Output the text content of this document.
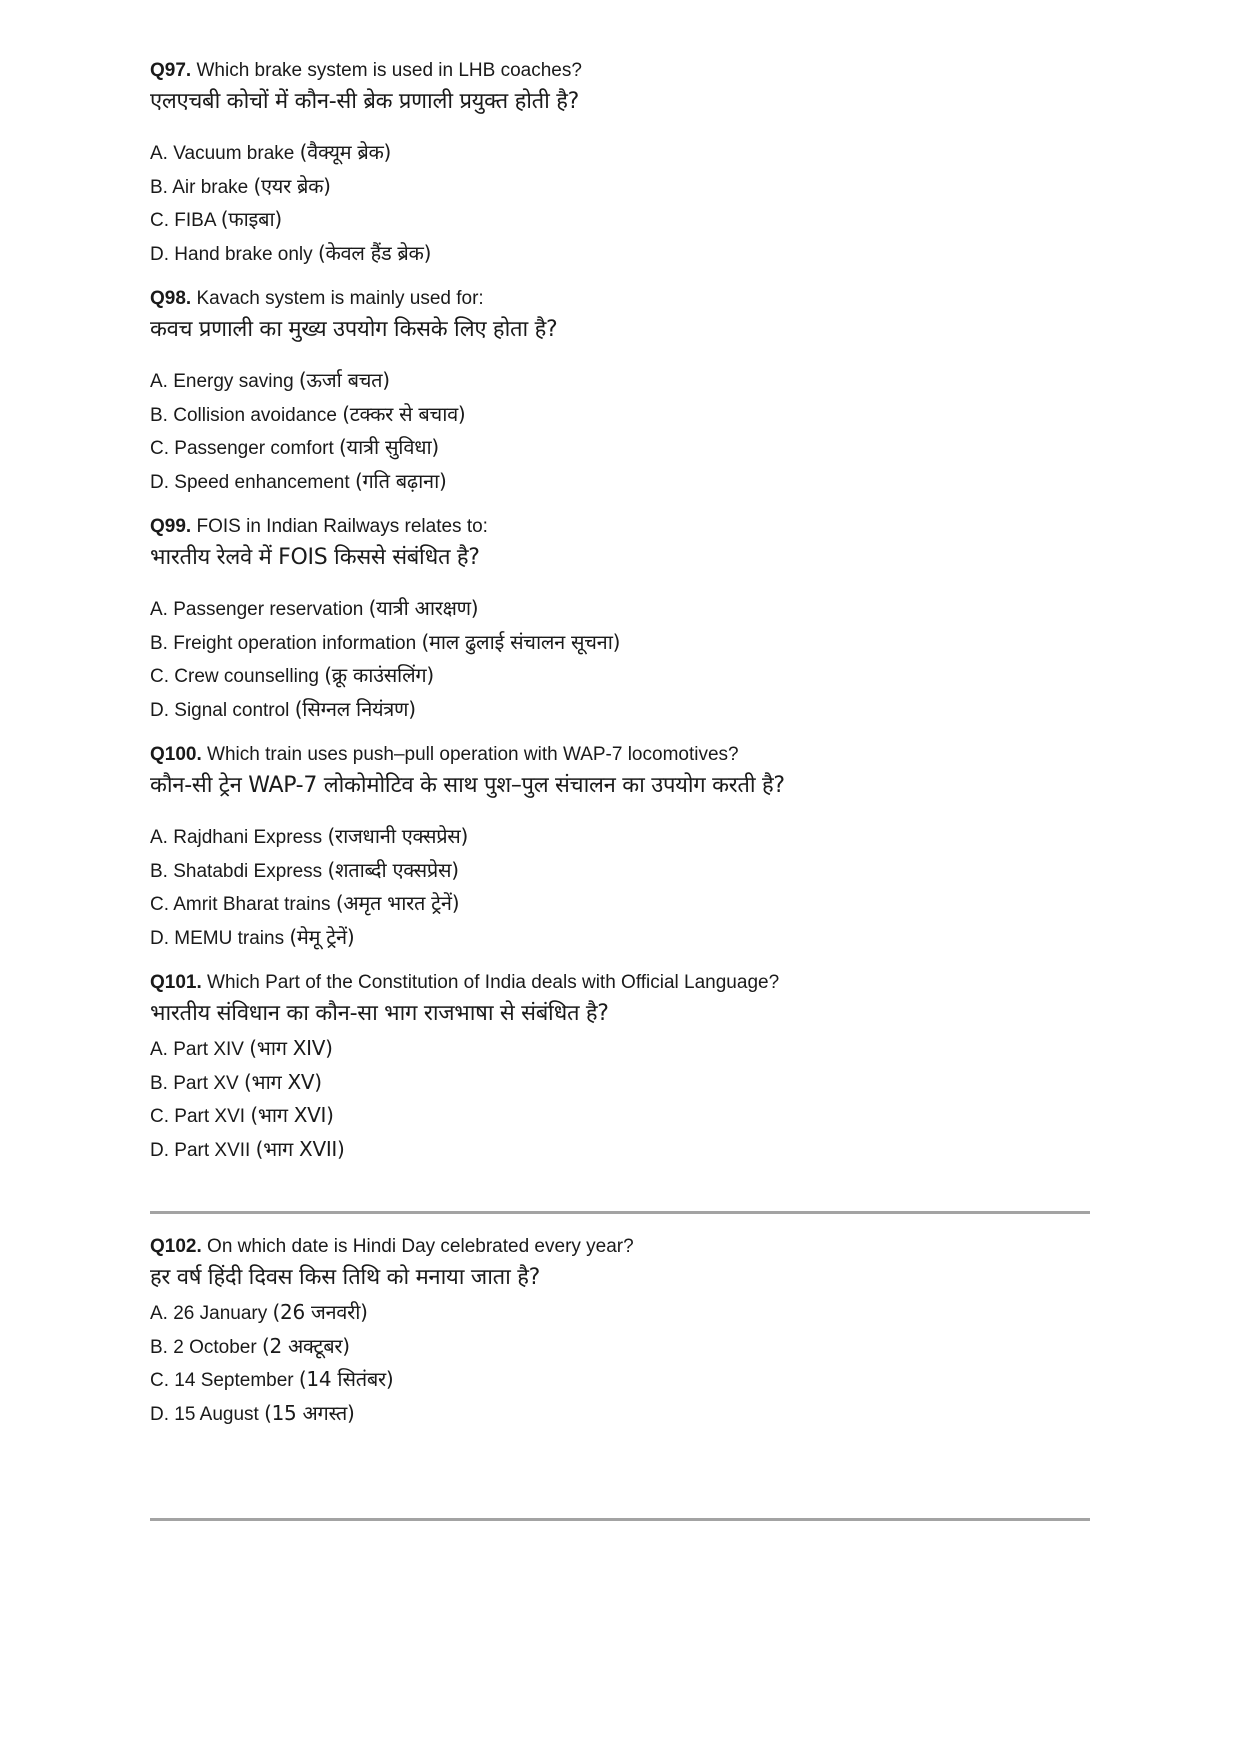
Q97. Which brake system is used in LHB coaches?
एलएचबी कोचों में कौन-सी ब्रेक प्रणाली प्रयुक्त होती है?
A. Vacuum brake (वैक्यूम ब्रेक)
B. Air brake (एयर ब्रेक)
C. FIBA (फाइबा)
D. Hand brake only (केवल हैंड ब्रेक)
Q98. Kavach system is mainly used for:
कवच प्रणाली का मुख्य उपयोग किसके लिए होता है?
A. Energy saving (ऊर्जा बचत)
B. Collision avoidance (टक्कर से बचाव)
C. Passenger comfort (यात्री सुविधा)
D. Speed enhancement (गति बढ़ाना)
Q99. FOIS in Indian Railways relates to:
भारतीय रेलवे में FOIS किससे संबंधित है?
A. Passenger reservation (यात्री आरक्षण)
B. Freight operation information (माल ढुलाई संचालन सूचना)
C. Crew counselling (क्रू काउंसलिंग)
D. Signal control (सिग्नल नियंत्रण)
Q100. Which train uses push–pull operation with WAP-7 locomotives?
कौन-सी ट्रेन WAP-7 लोकोमोटिव के साथ पुश–पुल संचालन का उपयोग करती है?
A. Rajdhani Express (राजधानी एक्सप्रेस)
B. Shatabdi Express (शताब्दी एक्सप्रेस)
C. Amrit Bharat trains (अमृत भारत ट्रेनें)
D. MEMU trains (मेमू ट्रेनें)
Q101. Which Part of the Constitution of India deals with Official Language?
भारतीय संविधान का कौन-सा भाग राजभाषा से संबंधित है?
A. Part XIV (भाग XIV)
B. Part XV (भाग XV)
C. Part XVI (भाग XVI)
D. Part XVII (भाग XVII)
Q102. On which date is Hindi Day celebrated every year?
हर वर्ष हिंदी दिवस किस तिथि को मनाया जाता है?
A. 26 January (26 जनवरी)
B. 2 October (2 अक्टूबर)
C. 14 September (14 सितंबर)
D. 15 August (15 अगस्त)
